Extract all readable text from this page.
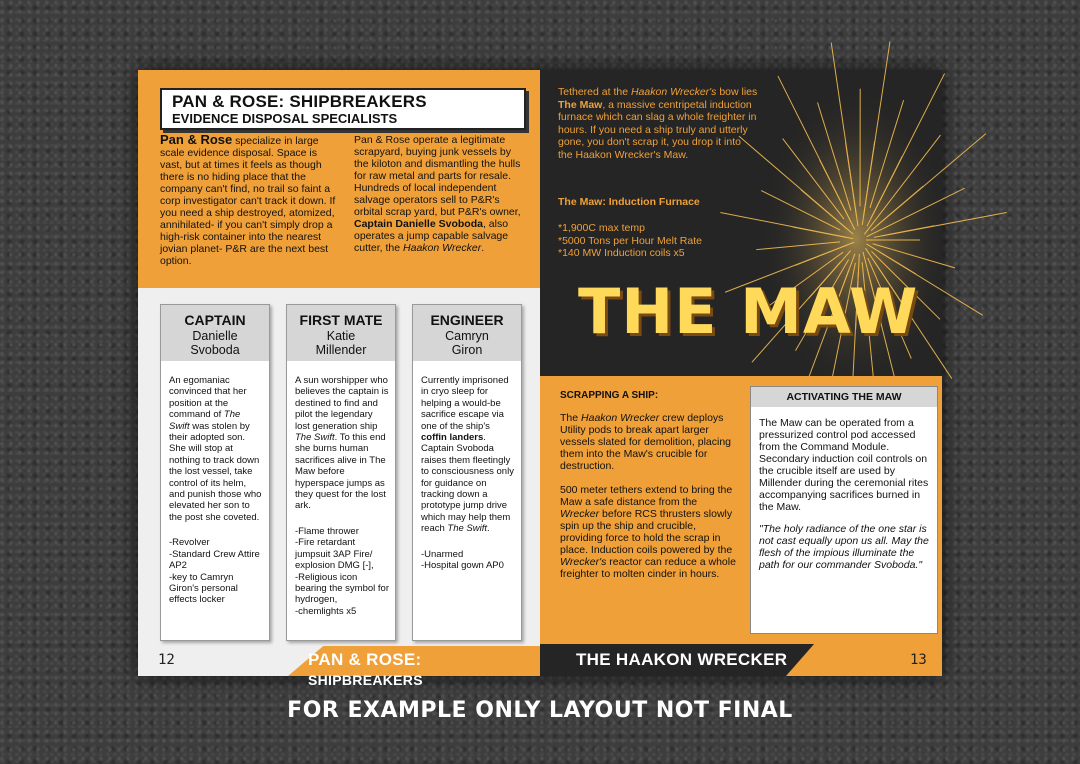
PAN & ROSE: SHIPBREAKERS
EVIDENCE DISPOSAL SPECIALISTS
Pan & Rose specialize in large scale evidence disposal. Space is vast, but at times it feels as though there is no hiding place that the company can't find, no trail so faint a corp investigator can't track it down. If you need a ship destroyed, atomized, annihilated- if you can't simply drop a high-risk container into the nearest jovian planet- P&R are the next best option.
Pan & Rose operate a legitimate scrapyard, buying junk vessels by the kiloton and dismantling the hulls for raw metal and parts for resale. Hundreds of local independent salvage operators sell to P&R's orbital scrap yard, but P&R's owner, Captain Danielle Svoboda, also operates a jump capable salvage cutter, the Haakon Wrecker.
CAPTAIN
Danielle Svoboda
An egomaniac convinced that her position at the command of The Swift was stolen by their adopted son. She will stop at nothing to track down the lost vessel, take control of its helm, and punish those who elevated her son to the post she coveted.
-Revolver
-Standard Crew Attire AP2
-key to Camryn Giron's personal effects locker
FIRST MATE
Katie Millender
A sun worshipper who believes the captain is destined to find and pilot the legendary lost generation ship The Swift. To this end she burns human sacrifices alive in The Maw before hyperspace jumps as they quest for the lost ark.
-Flame thrower
-Fire retardant jumpsuit 3AP Fire/ explosion DMG [-],
-Religious icon bearing the symbol for hydrogen,
-chemlights x5
ENGINEER
Camryn Giron
Currently imprisoned in cryo sleep for helping a would-be sacrifice escape via one of the ship's coffin landers. Captain Svoboda raises them fleetingly to consciousness only for guidance on tracking down a prototype jump drive which may help them reach The Swift.
-Unarmed
-Hospital gown AP0
12	PAN & ROSE: SHIPBREAKERS
Tethered at the Haakon Wrecker's bow lies The Maw, a massive centripetal induction furnace which can slag a whole freighter in hours. If you need a ship truly and utterly gone, you don't scrap it, you drop it into the Haakon Wrecker's Maw.
The Maw: Induction Furnace
*1,900C max temp
*5000 Tons per Hour Melt Rate
*140 MW Induction coils x5
THE MAW
SCRAPPING A SHIP:
The Haakon Wrecker crew deploys Utility pods to break apart larger vessels slated for demolition, placing them into the Maw's crucible for destruction.
500 meter tethers extend to bring the Maw a safe distance from the Wrecker before RCS thrusters slowly spin up the ship and crucible, providing force to hold the scrap in place. Induction coils powered by the Wrecker's reactor can reduce a whole freighter to molten cinder in hours.
ACTIVATING THE MAW
The Maw can be operated from a pressurized control pod accessed from the Command Module. Secondary induction coil controls on the crucible itself are used by Millender during the ceremonial rites accompanying sacrifices burned in the Maw.
"The holy radiance of the one star is not cast equally upon us all. May the flesh of the impious illuminate the path for our commander Svoboda."
THE HAAKON WRECKER	13
FOR EXAMPLE ONLY LAYOUT NOT FINAL
